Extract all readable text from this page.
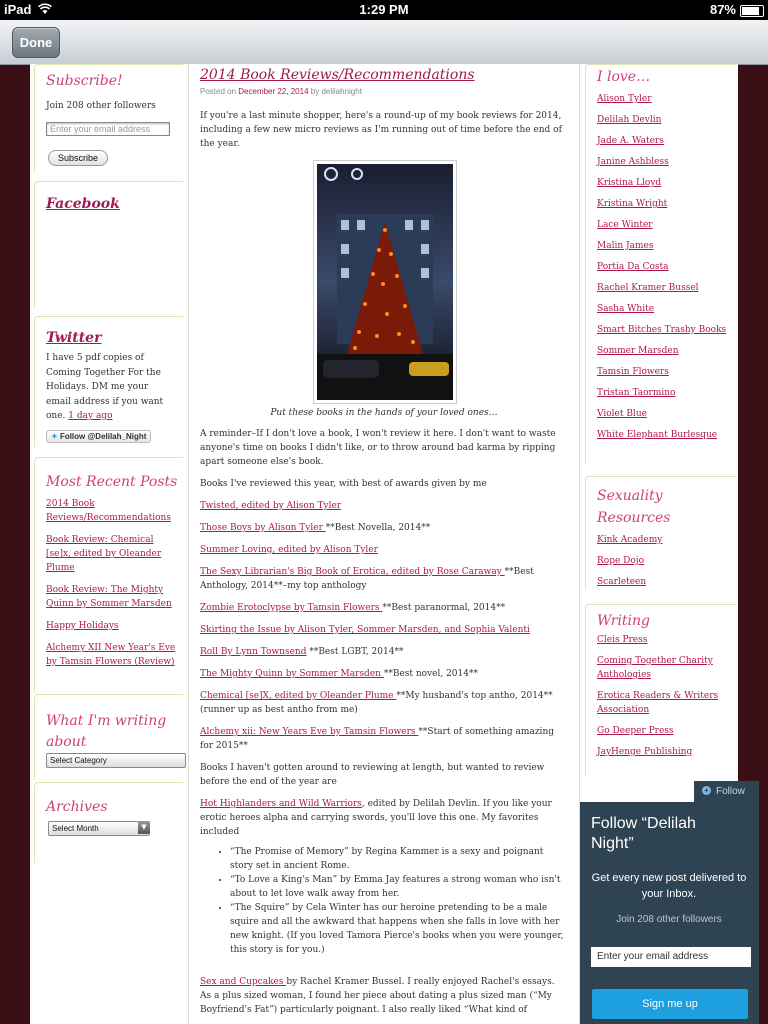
iPad	1:29 PM	87%
Done
Subscribe!
Join 208 other followers
Enter your email address
Subscribe
Facebook
Twitter
I have 5 pdf copies of Coming Together For the Holidays. DM me your email address if you want one. 1 day ago
✦ Follow @Delilah_Night
Most Recent Posts
2014 Book Reviews/Recommendations
Book Review: Chemical [se]x, edited by Oleander Plume
Book Review: The Mighty Quinn by Sommer Marsden
Happy Holidays
Alchemy XII New Year's Eve by Tamsin Flowers (Review)
What I'm writing about
Select Category
Archives
Select Month	▼
2014 Book Reviews/Recommendations
Posted on December 22, 2014 by delilahnight

If you're a last minute shopper, here's a round-up of my book reviews for 2014, including a few new micro reviews as I'm running out of time before the end of the year.

Put these books in the hands of your loved ones…

A reminder–If I don't love a book, I won't review it here. I don't want to waste anyone's time on books I didn't like, or to throw around bad karma by ripping apart someone else's book.

Books I've reviewed this year, with best of awards given by me

Twisted, edited by Alison Tyler

Those Boys by Alison Tyler **Best Novella, 2014**

Summer Loving, edited by Alison Tyler

The Sexy Librarian's Big Book of Erotica, edited by Rose Caraway **Best Anthology, 2014**–my top anthology

Zombie Erotoclypse by Tamsin Flowers **Best paranormal, 2014**

Skirting the Issue by Alison Tyler, Sommer Marsden, and Sophia Valenti

Roll By Lynn Townsend **Best LGBT, 2014**

The Mighty Quinn by Sommer Marsden **Best novel, 2014**

Chemical [se]X, edited by Oleander Plume **My husband's top antho, 2014** (runner up as best antho from me)

Alchemy xii: New Years Eve by Tamsin Flowers **Start of something amazing for 2015**

Books I haven't gotten around to reviewing at length, but wanted to review before the end of the year are

Hot Highlanders and Wild Warriors, edited by Delilah Devlin. If you like your erotic heroes alpha and carrying swords, you'll love this one. My favorites included

• “The Promise of Memory” by Regina Kammer is a sexy and poignant story set in ancient Rome.
• “To Love a King's Man” by Emma Jay features a strong woman who isn't about to let love walk away from her.
• “The Squire” by Cela Winter has our heroine pretending to be a male squire and all the awkward that happens when she falls in love with her new knight. (If you loved Tamora Pierce's books when you were younger, this story is for you.)

Sex and Cupcakes by Rachel Kramer Bussel. I really enjoyed Rachel's essays. As a plus sized woman, I found her piece about dating a plus sized man (“My Boyfriend's Fat”) particularly poignant. I also really liked “What kind of

I love…
Alison Tyler
Delilah Devlin
Jade A. Waters
Janine Ashbless
Kristina Lloyd
Kristina Wright
Lace Winter
Malin James
Portia Da Costa
Rachel Kramer Bussel
Sasha White
Smart Bitches Trashy Books
Sommer Marsden
Tamsin Flowers
Tristan Taormino
Violet Blue
White Elephant Burlesque
Sexuality Resources
Kink Academy
Rope Dojo
Scarleteen
Writing
Cleis Press
Coming Together Charity Anthologies
Erotica Readers & Writers Association
Go Deeper Press
JayHenge Publishing
+ Follow
Follow “Delilah Night”
Get every new post delivered to your Inbox.
Join 208 other followers
Enter your email address
Sign me up
